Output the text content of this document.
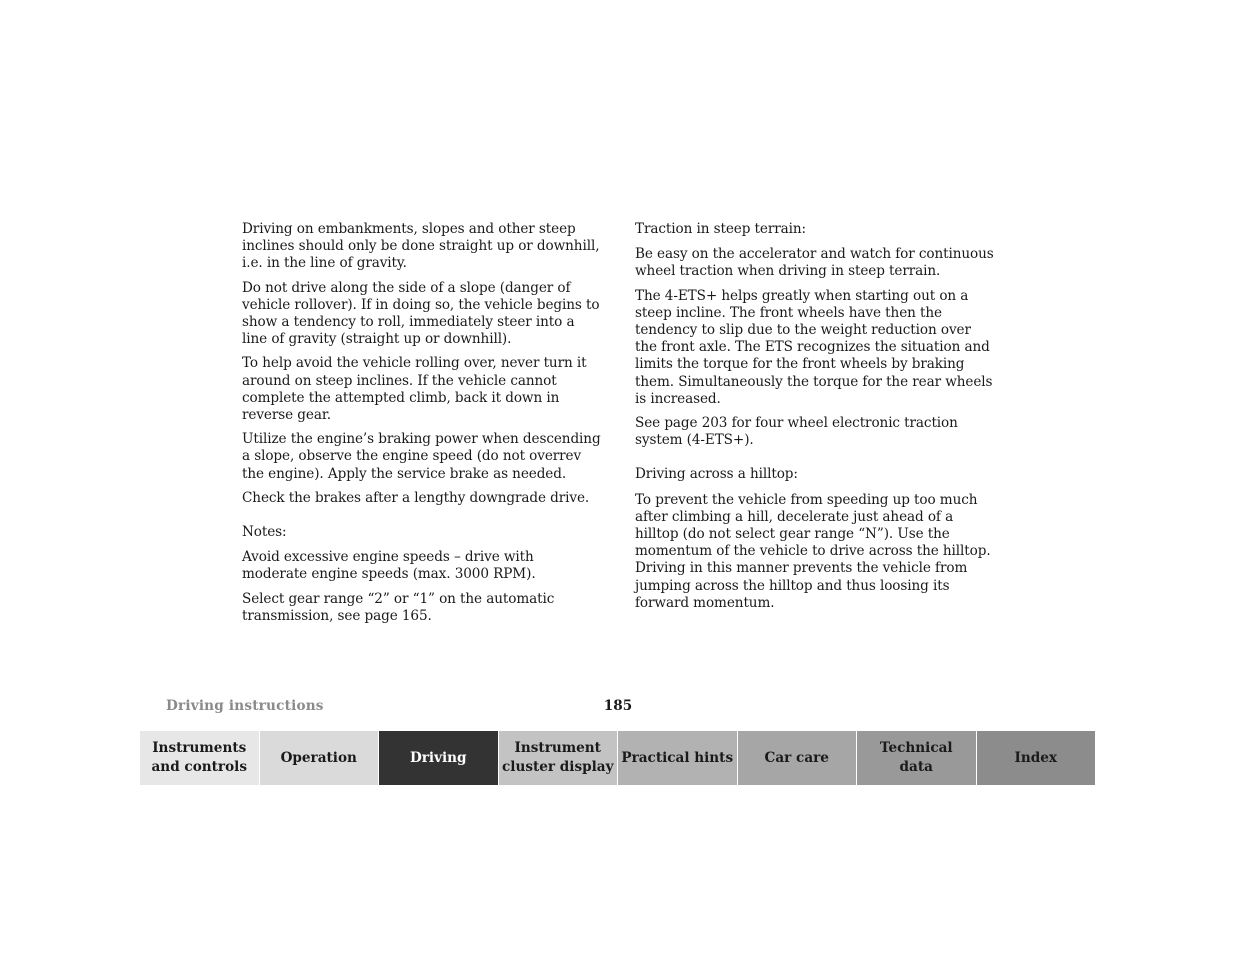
Driving on embankments, slopes and other steep inclines should only be done straight up or downhill, i.e. in the line of gravity.

Do not drive along the side of a slope (danger of vehicle rollover). If in doing so, the vehicle begins to show a tendency to roll, immediately steer into a line of gravity (straight up or downhill).

To help avoid the vehicle rolling over, never turn it around on steep inclines. If the vehicle cannot complete the attempted climb, back it down in reverse gear.

Utilize the engine’s braking power when descending a slope, observe the engine speed (do not overrev the engine). Apply the service brake as needed.

Check the brakes after a lengthy downgrade drive.

Notes:

Avoid excessive engine speeds – drive with moderate engine speeds (max. 3000 RPM).

Select gear range “2” or “1” on the automatic transmission, see page 165.

Traction in steep terrain:

Be easy on the accelerator and watch for continuous wheel traction when driving in steep terrain.

The 4-ETS+ helps greatly when starting out on a steep incline. The front wheels have then the tendency to slip due to the weight reduction over the front axle. The ETS recognizes the situation and limits the torque for the front wheels by braking them. Simultaneously the torque for the rear wheels is increased.

See page 203 for four wheel electronic traction system (4-ETS+).

Driving across a hilltop:

To prevent the vehicle from speeding up too much after climbing a hill, decelerate just ahead of a hilltop (do not select gear range “N”). Use the momentum of the vehicle to drive across the hilltop. Driving in this manner prevents the vehicle from jumping across the hilltop and thus loosing its forward momentum.

Driving instructions	185
Instruments
and controls
Operation	Driving
Instrument
cluster display
Practical hints	Car care
Technical
data
Index
